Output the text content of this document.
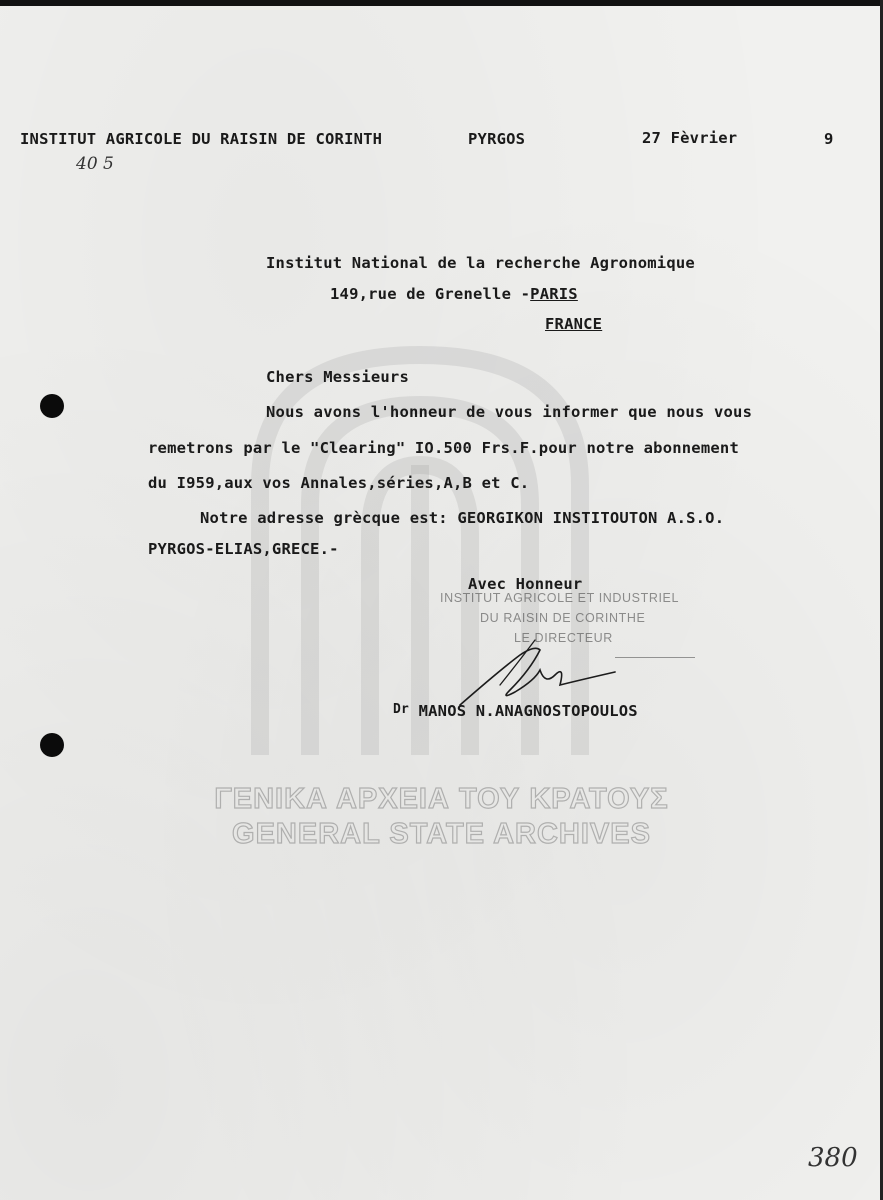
ΓΕΝΙΚΑ ΑΡΧΕΙΑ ΤΟΥ ΚΡΑΤΟΥΣ
GENERAL STATE ARCHIVES
INSTITUT AGRICOLE DU RAISIN DE CORINTH	PYRGOS	27 Fèvrier	9
40 5
Institut National de la recherche Agronomique
149,rue de Grenelle -PARIS
FRANCE
Chers Messieurs
Nous avons l'honneur de vous informer que nous vous
remetrons par le "Clearing" IO.500 Frs.F.pour notre abonnement
du I959,aux vos Annales,séries,A,B et C.
Notre adresse grècque est: GEORGIKON INSTITOUTON A.S.O.
PYRGOS-ELIAS,GRECE.-
Avec Honneur
INSTITUT AGRICOLE ET INDUSTRIEL
DU RAISIN DE CORINTHE
LE DIRECTEUR
Dr MANOS N.ANAGNOSTOPOULOS
380
